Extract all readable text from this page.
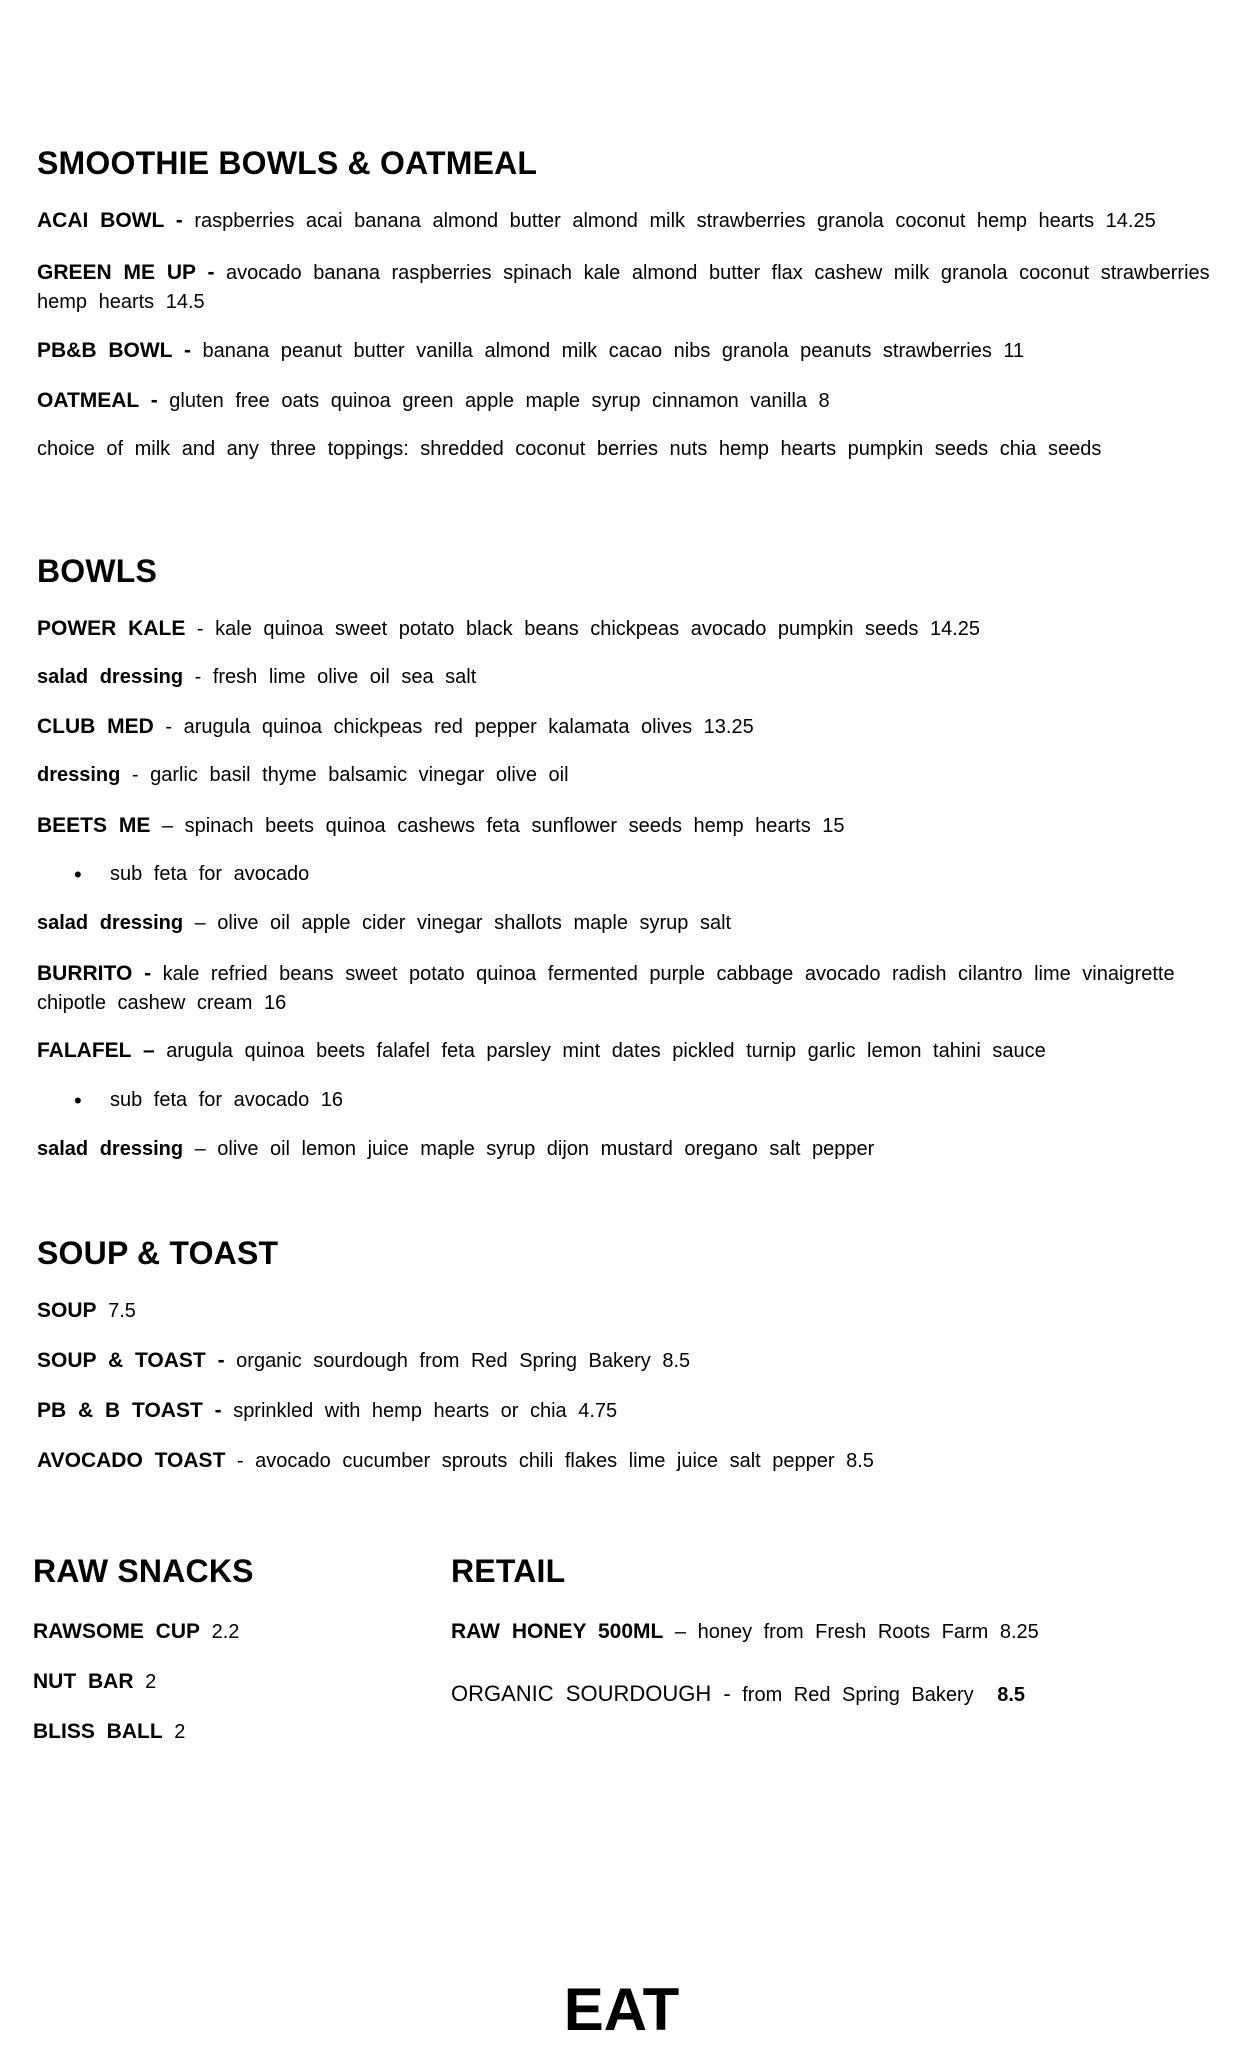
SMOOTHIE BOWLS & OATMEAL

ACAI BOWL - raspberries acai banana almond butter almond milk strawberries granola coconut hemp hearts 14.25

GREEN ME UP - avocado banana raspberries spinach kale almond butter flax cashew milk granola coconut strawberries hemp hearts 14.5

PB&B BOWL - banana peanut butter vanilla almond milk cacao nibs granola peanuts strawberries 11

OATMEAL - gluten free oats quinoa green apple maple syrup cinnamon vanilla 8

choice of milk and any three toppings: shredded coconut berries nuts hemp hearts pumpkin seeds chia seeds

BOWLS

POWER KALE - kale quinoa sweet potato black beans chickpeas avocado pumpkin seeds 14.25

salad dressing - fresh lime olive oil sea salt

CLUB MED - arugula quinoa chickpeas red pepper kalamata olives 13.25

dressing - garlic basil thyme balsamic vinegar olive oil

BEETS ME – spinach beets quinoa cashews feta sunflower seeds hemp hearts 15

• sub feta for avocado

salad dressing – olive oil apple cider vinegar shallots maple syrup salt

BURRITO - kale refried beans sweet potato quinoa fermented purple cabbage avocado radish cilantro lime vinaigrette chipotle cashew cream 16

FALAFEL – arugula quinoa beets falafel feta parsley mint dates pickled turnip garlic lemon tahini sauce

• sub feta for avocado 16

salad dressing – olive oil lemon juice maple syrup dijon mustard oregano salt pepper

SOUP & TOAST

SOUP 7.5

SOUP & TOAST - organic sourdough from Red Spring Bakery 8.5

PB & B TOAST - sprinkled with hemp hearts or chia 4.75

AVOCADO TOAST - avocado cucumber sprouts chili flakes lime juice salt pepper 8.5

RAW SNACKS

RAWSOME CUP 2.2

NUT BAR 2

BLISS BALL 2

RETAIL

RAW HONEY 500ML – honey from Fresh Roots Farm 8.25

ORGANIC SOURDOUGH - from Red Spring Bakery 8.5

EAT
